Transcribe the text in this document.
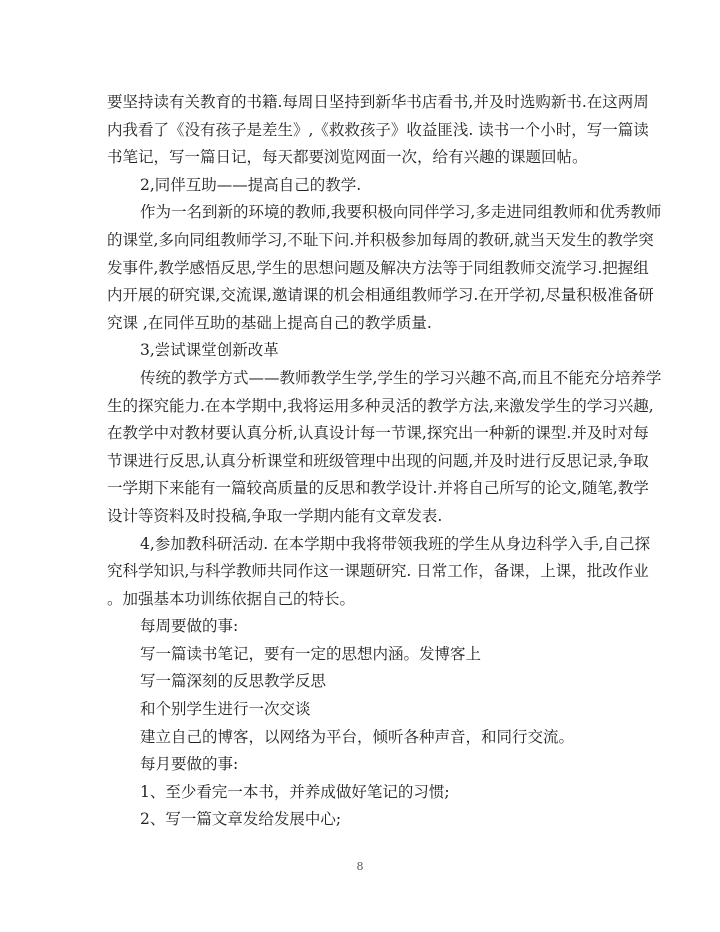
要坚持读有关教育的书籍.每周日坚持到新华书店看书,并及时选购新书.在这两周
内我看了《没有孩子是差生》,《救救孩子》收益匪浅. 读书一个小时，写一篇读
书笔记，写一篇日记，每天都要浏览网面一次，给有兴趣的课题回帖。
2,同伴互助——提高自己的教学.
作为一名到新的环境的教师,我要积极向同伴学习,多走进同组教师和优秀教师
的课堂,多向同组教师学习,不耻下问.并积极参加每周的教研,就当天发生的教学突
发事件,教学感悟反思,学生的思想问题及解决方法等于同组教师交流学习.把握组
内开展的研究课,交流课,邀请课的机会相通组教师学习.在开学初,尽量积极准备研
究课 ,在同伴互助的基础上提高自己的教学质量.
3,尝试课堂创新改革
传统的教学方式——教师教学生学,学生的学习兴趣不高,而且不能充分培养学
生的探究能力.在本学期中,我将运用多种灵活的教学方法,来激发学生的学习兴趣,
在教学中对教材要认真分析,认真设计每一节课,探究出一种新的课型.并及时对每
节课进行反思,认真分析课堂和班级管理中出现的问题,并及时进行反思记录,争取
一学期下来能有一篇较高质量的反思和教学设计.并将自己所写的论文,随笔,教学
设计等资料及时投稿,争取一学期内能有文章发表.
4,参加教科研活动. 在本学期中我将带领我班的学生从身边科学入手,自己探
究科学知识,与科学教师共同作这一课题研究. 日常工作，备课，上课，批改作业
。加强基本功训练依据自己的特长。
每周要做的事:
写一篇读书笔记，要有一定的思想内涵。发博客上
写一篇深刻的反思教学反思
和个别学生进行一次交谈
建立自己的博客，以网络为平台，倾听各种声音，和同行交流。
每月要做的事:
1、至少看完一本书，并养成做好笔记的习惯;
2、写一篇文章发给发展中心;
8
